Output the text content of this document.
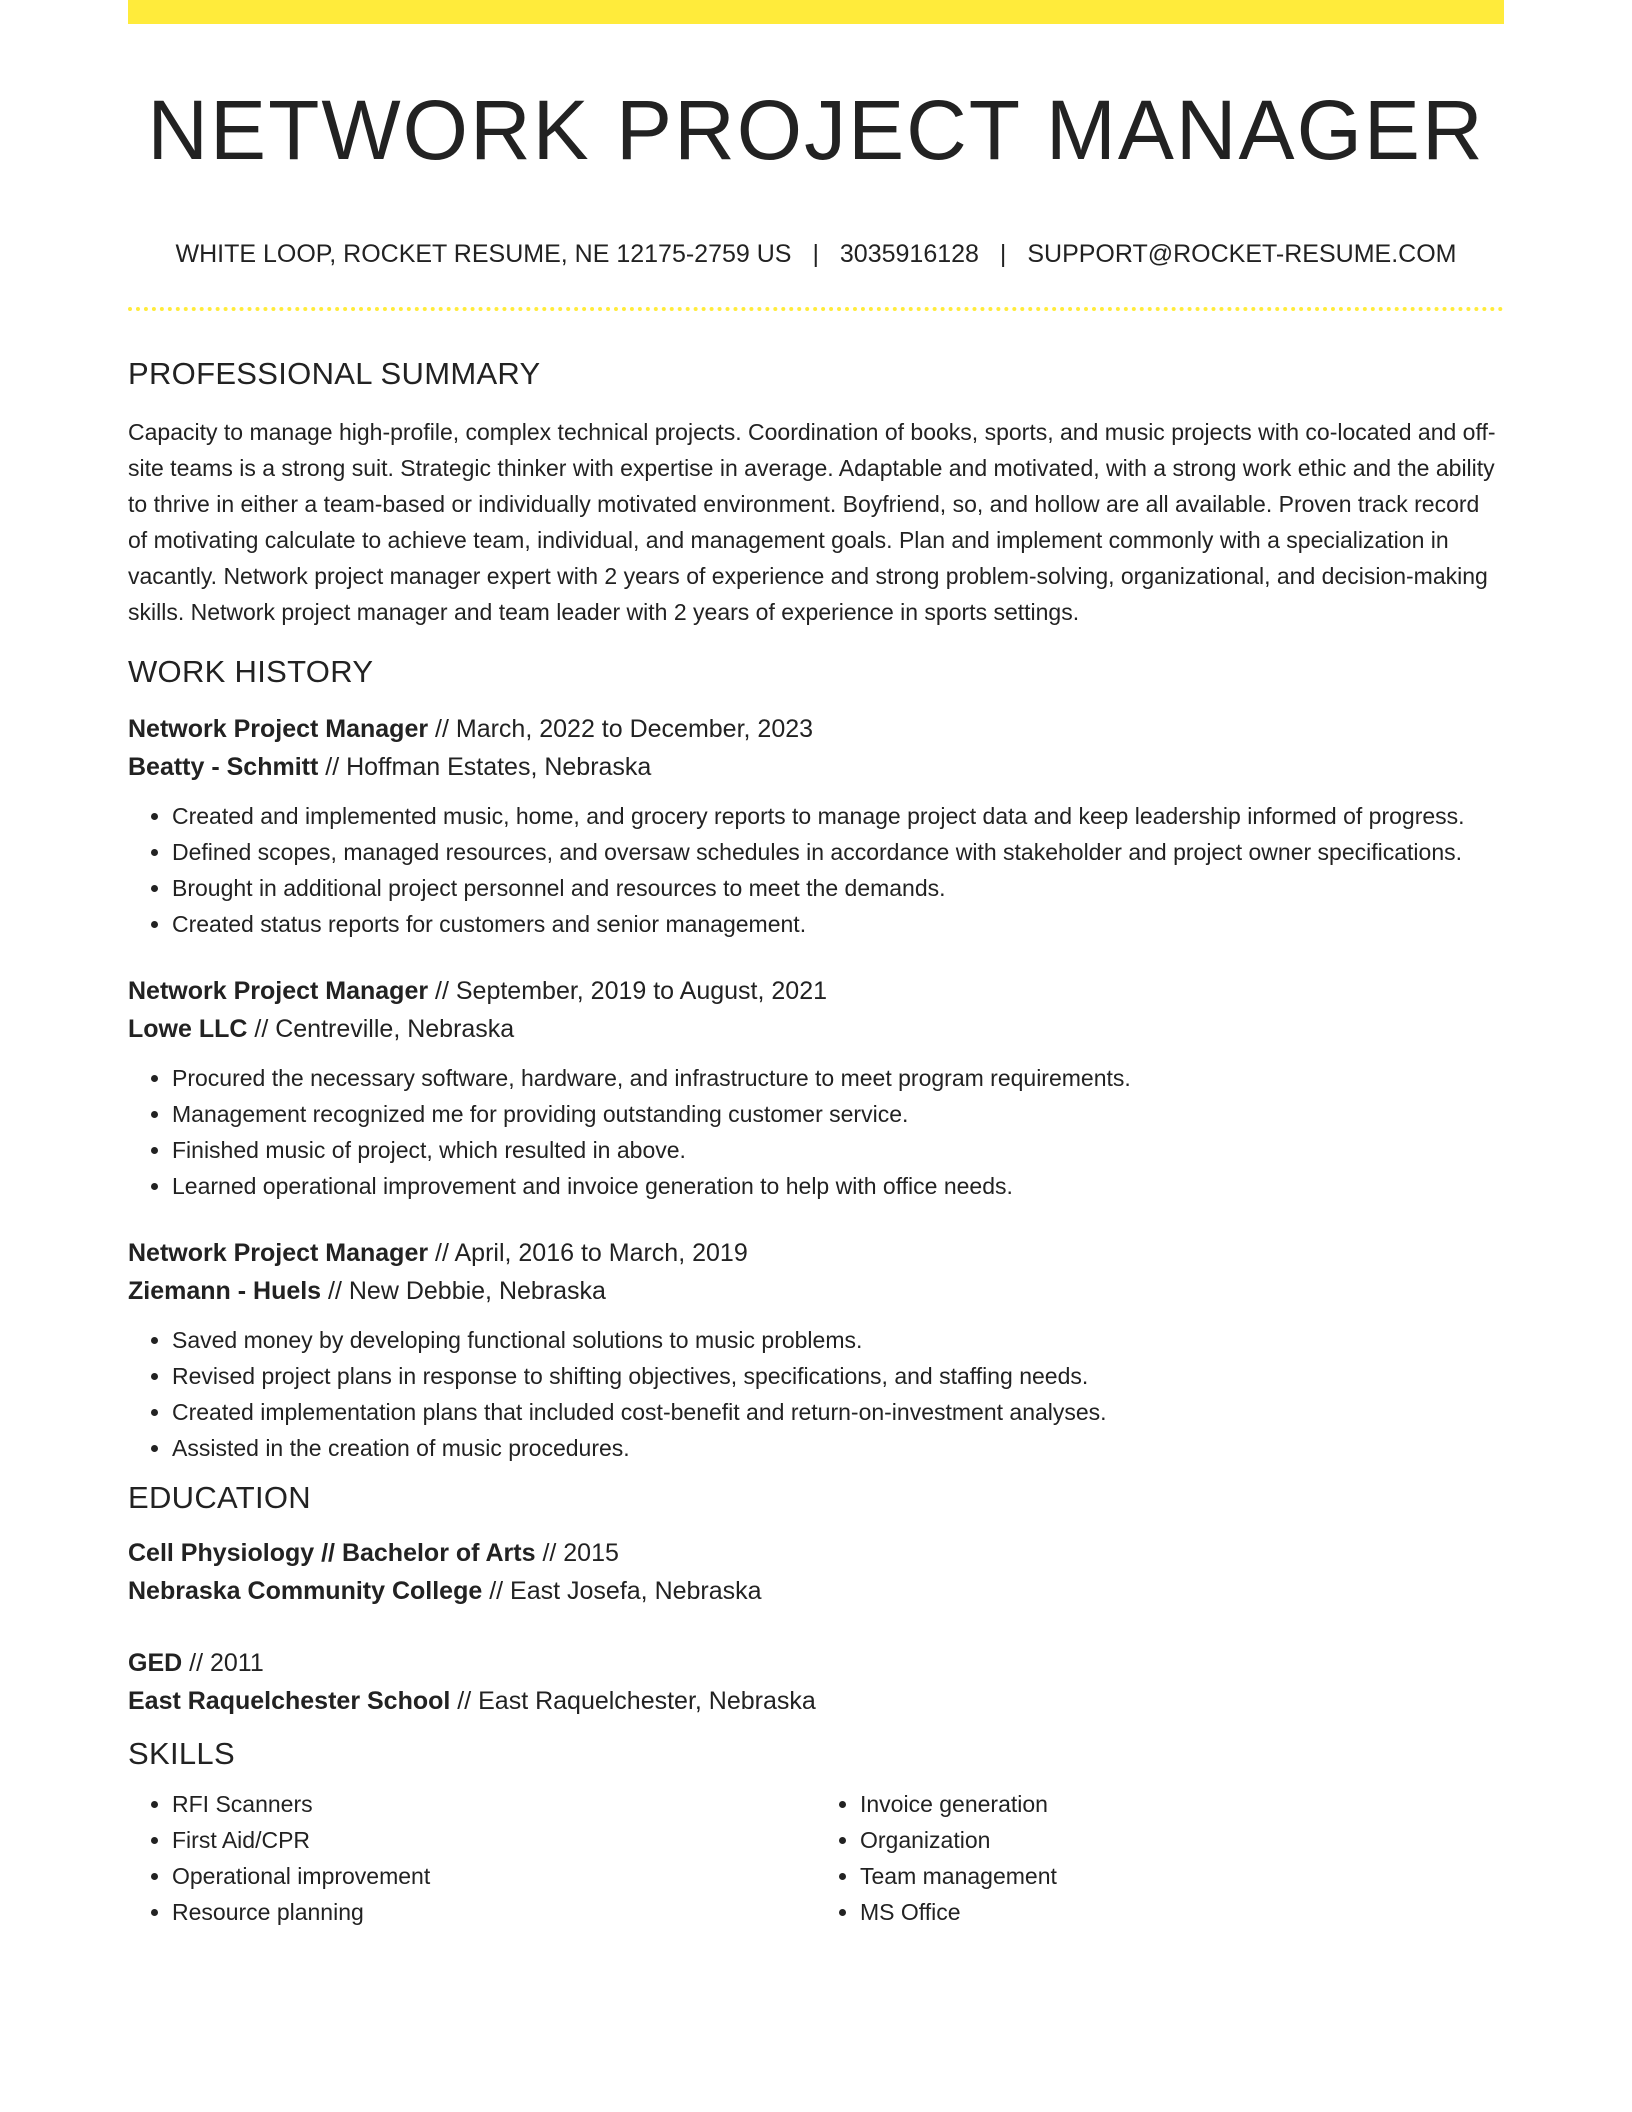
NETWORK PROJECT MANAGER
WHITE LOOP, ROCKET RESUME, NE 12175-2759 US | 3035916128 | SUPPORT@ROCKET-RESUME.COM
PROFESSIONAL SUMMARY

Capacity to manage high-profile, complex technical projects. Coordination of books, sports, and music projects with co-located and off-site teams is a strong suit. Strategic thinker with expertise in average. Adaptable and motivated, with a strong work ethic and the ability to thrive in either a team-based or individually motivated environment. Boyfriend, so, and hollow are all available. Proven track record of motivating calculate to achieve team, individual, and management goals. Plan and implement commonly with a specialization in vacantly. Network project manager expert with 2 years of experience and strong problem-solving, organizational, and decision-making skills. Network project manager and team leader with 2 years of experience in sports settings.

WORK HISTORY
Network Project Manager // March, 2022 to December, 2023
Beatty - Schmitt // Hoffman Estates, Nebraska
• Created and implemented music, home, and grocery reports to manage project data and keep leadership informed of progress.
• Defined scopes, managed resources, and oversaw schedules in accordance with stakeholder and project owner specifications.
• Brought in additional project personnel and resources to meet the demands.
• Created status reports for customers and senior management.
Network Project Manager // September, 2019 to August, 2021
Lowe LLC // Centreville, Nebraska
• Procured the necessary software, hardware, and infrastructure to meet program requirements.
• Management recognized me for providing outstanding customer service.
• Finished music of project, which resulted in above.
• Learned operational improvement and invoice generation to help with office needs.
Network Project Manager // April, 2016 to March, 2019
Ziemann - Huels // New Debbie, Nebraska
• Saved money by developing functional solutions to music problems.
• Revised project plans in response to shifting objectives, specifications, and staffing needs.
• Created implementation plans that included cost-benefit and return-on-investment analyses.
• Assisted in the creation of music procedures.
EDUCATION
Cell Physiology // Bachelor of Arts // 2015
Nebraska Community College // East Josefa, Nebraska
GED // 2011
East Raquelchester School // East Raquelchester, Nebraska
SKILLS
• RFI Scanners
• First Aid/CPR
• Operational improvement
• Resource planning
• Invoice generation
• Organization
• Team management
• MS Office
